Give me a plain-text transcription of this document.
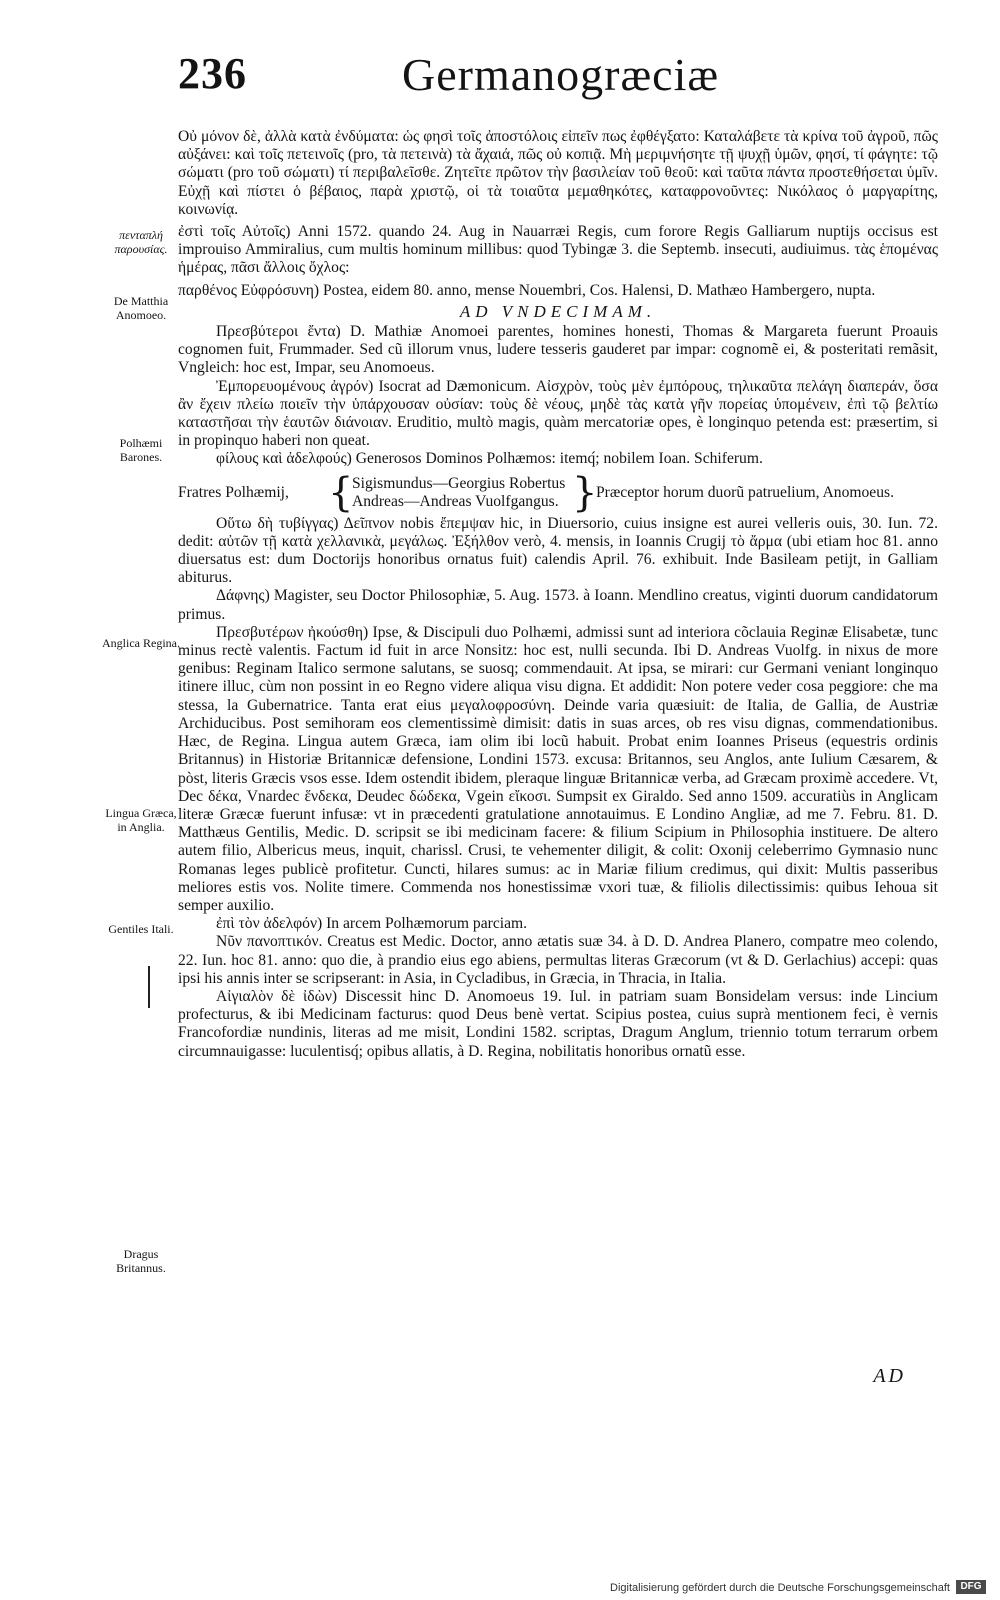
236	Germanogræciæ
πενταπλή παρουσίας.
De Matthia Anomoeo.
Polhæmi Barones.
Anglica Regina.
Lingua Græca, in Anglia.
Gentiles Itali.
Dragus Britannus.

Οὐ μόνον δὲ, ἀλλὰ κατὰ ἐνδύματα: ὡς φησὶ τοῖς ἀποστόλοις εἰπεῖν πως ἐφθέγξατο: Καταλάβετε τὰ κρίνα τοῦ ἀγροῦ, πῶς αὐξάνει: καὶ τοῖς πετεινοῖς (pro, τὰ πετεινὰ) τὰ ἄχαιά, πῶς οὐ κοπιᾷ. Μὴ μεριμνήσητε τῇ ψυχῇ ὑμῶν, φησί, τί φάγητε: τῷ σώματι (pro τοῦ σώματι) τί περιβαλεῖσθε. Ζητεῖτε πρῶτον τὴν βασιλείαν τοῦ θεοῦ: καὶ ταῦτα πάντα προστεθήσεται ὑμῖν. Εὐχῇ καὶ πίστει ὁ βέβαιος, παρὰ χριστῷ, οἱ τὰ τοιαῦτα μεμαθηκότες, καταφρονοῦντες: Νικόλαος ὁ μαργαρίτης, κοινωνίᾳ.

ἐστὶ τοῖς Αὐτοῖς) Anni 1572. quando 24. Aug in Nauarræi Regis, cum forore Regis Galliarum nuptijs occisus est improuiso Ammiralius, cum multis hominum millibus: quod Tybingæ 3. die Septemb. insecuti, audiuimus. τὰς ἑπομένας ἡμέρας, πᾶσι ἄλλοις ὄχλος:

παρθένος Εὐφρόσυνη) Postea, eidem 80. anno, mense Nouembri, Cos. Halensi, D. Mathæo Hambergero, nupta.

AD VNDECIMAM.

Πρεσβύτεροι ἔντα) D. Mathiæ Anomoei parentes, homines honesti, Thomas & Margareta fuerunt Proauis cognomen fuit, Frummader. Sed cũ illorum vnus, ludere tesseris gauderet par impar: cognomẽ ei, & posteritati remãsit, Vngleich: hoc est, Impar, seu Anomoeus.

Ἐμπορευομένους ἀγρόν) Isocrat ad Dæmonicum. Αἰσχρὸν, τοὺς μὲν ἐμπόρους, τηλικαῦτα πελάγη διαπεράν, ὅσα ἂν ἔχειν πλείω ποιεῖν τὴν ὑπάρχουσαν οὐσίαν: τοὺς δὲ νέους, μηδὲ τὰς κατὰ γῆν πορείας ὑπομένειν, ἐπὶ τῷ βελτίω καταστῆσαι τὴν ἑαυτῶν διάνοιαν. Eruditio, multò magis, quàm mercatoriæ opes, è longinquo petenda est: præsertim, si in propinquo haberi non queat.

φίλους καὶ ἀδελφούς) Generosos Dominos Polhæmos: itemq́; nobilem Ioan. Schiferum.

Fratres Polhæmij, {
Sigismundus—Georgius Robertus
Andreas—Andreas Vuolfgangus. }
Præceptor horum duorũ patruelium, Anomoeus.

Οὕτω δὴ τυβίγγας) Δεῖπνον nobis ἔπεμψαν hic, in Diuersorio, cuius insigne est aurei velleris ouis, 30. Iun. 72. dedit: αὐτῶν τῇ κατὰ χελλανικὰ, μεγάλως. Ἐξήλθον verò, 4. mensis, in Ioannis Crugij τὸ ἄρμα (ubi etiam hoc 81. anno diuersatus est: dum Doctorijs honoribus ornatus fuit) calendis April. 76. exhibuit. Inde Basileam petijt, in Galliam abiturus.

Δάφνης) Magister, seu Doctor Philosophiæ, 5. Aug. 1573. à Ioann. Mendlino creatus, viginti duorum candidatorum primus.

Πρεσβυτέρων ἠκούσθη) Ipse, & Discipuli duo Polhæmi, admissi sunt ad interiora cõclauia Reginæ Elisabetæ, tunc minus rectè valentis. Factum id fuit in arce Nonsitz: hoc est, nulli secunda. Ibi D. Andreas Vuolfg. in nixus de more genibus: Reginam Italico sermone salutans, se suosq; commendauit. At ipsa, se mirari: cur Germani veniant longinquo itinere illuc, cùm non possint in eo Regno videre aliqua visu digna. Et addidit: Non potere veder cosa peggiore: che ma stessa, la Gubernatrice. Tanta erat eius μεγαλοφροσύνη. Deinde varia quæsiuit: de Italia, de Gallia, de Austriæ Archiducibus. Post semihoram eos clementissimè dimisit: datis in suas arces, ob res visu dignas, commendationibus. Hæc, de Regina. Lingua autem Græca, iam olim ibi locũ habuit. Probat enim Ioannes Priseus (equestris ordinis Britannus) in Historiæ Britannicæ defensione, Londini 1573. excusa: Britannos, seu Anglos, ante Iulium Cæsarem, & pòst, literis Græcis vsos esse. Idem ostendit ibidem, pleraque linguæ Britannicæ verba, ad Græcam proximè accedere. Vt, Dec δέκα, Vnardec ἕνδεκα, Deudec δώδεκα, Vgein εἴκοσι. Sumpsit ex Giraldo. Sed anno 1509. accuratiùs in Anglicam literæ Græcæ fuerunt infusæ: vt in præcedenti gratulatione annotauimus. E Londino Angliæ, ad me 7. Febru. 81. D. Matthæus Gentilis, Medic. D. scripsit se ibi medicinam facere: & filium Scipium in Philosophia instituere. De altero autem filio, Albericus meus, inquit, charissl. Crusi, te vehementer diligit, & colit: Oxonij celeberrimo Gymnasio nunc Romanas leges publicè profitetur. Cuncti, hilares sumus: ac in Mariæ filium credimus, qui dixit: Multis passeribus meliores estis vos. Nolite timere. Commenda nos honestissimæ vxori tuæ, & filiolis dilectissimis: quibus Iehoua sit semper auxilio.

ἐπὶ τὸν ἀδελφόν) In arcem Polhæmorum parciam.

Νῦν πανοπτικόν. Creatus est Medic. Doctor, anno ætatis suæ 34. à D. D. Andrea Planero, compatre meo colendo, 22. Iun. hoc 81. anno: quo die, à prandio eius ego abiens, permultas literas Græcorum (vt & D. Gerlachius) accepi: quas ipsi his annis inter se scripserant: in Asia, in Cycladibus, in Græcia, in Thracia, in Italia.

Αἰγιαλὸν δὲ ἰδὼν) Discessit hinc D. Anomoeus 19. Iul. in patriam suam Bonsidelam versus: inde Lincium profecturus, & ibi Medicinam facturus: quod Deus benè vertat. Scipius postea, cuius suprà mentionem feci, è vernis Francofordiæ nundinis, literas ad me misit, Londini 1582. scriptas, Dragum Anglum, triennio totum terrarum orbem circumnauigasse: luculentisq́; opibus allatis, à D. Regina, nobilitatis honoribus ornatũ esse.

AD
Digitalisierung gefördert durch die Deutsche Forschungsgemeinschaft	DFG
